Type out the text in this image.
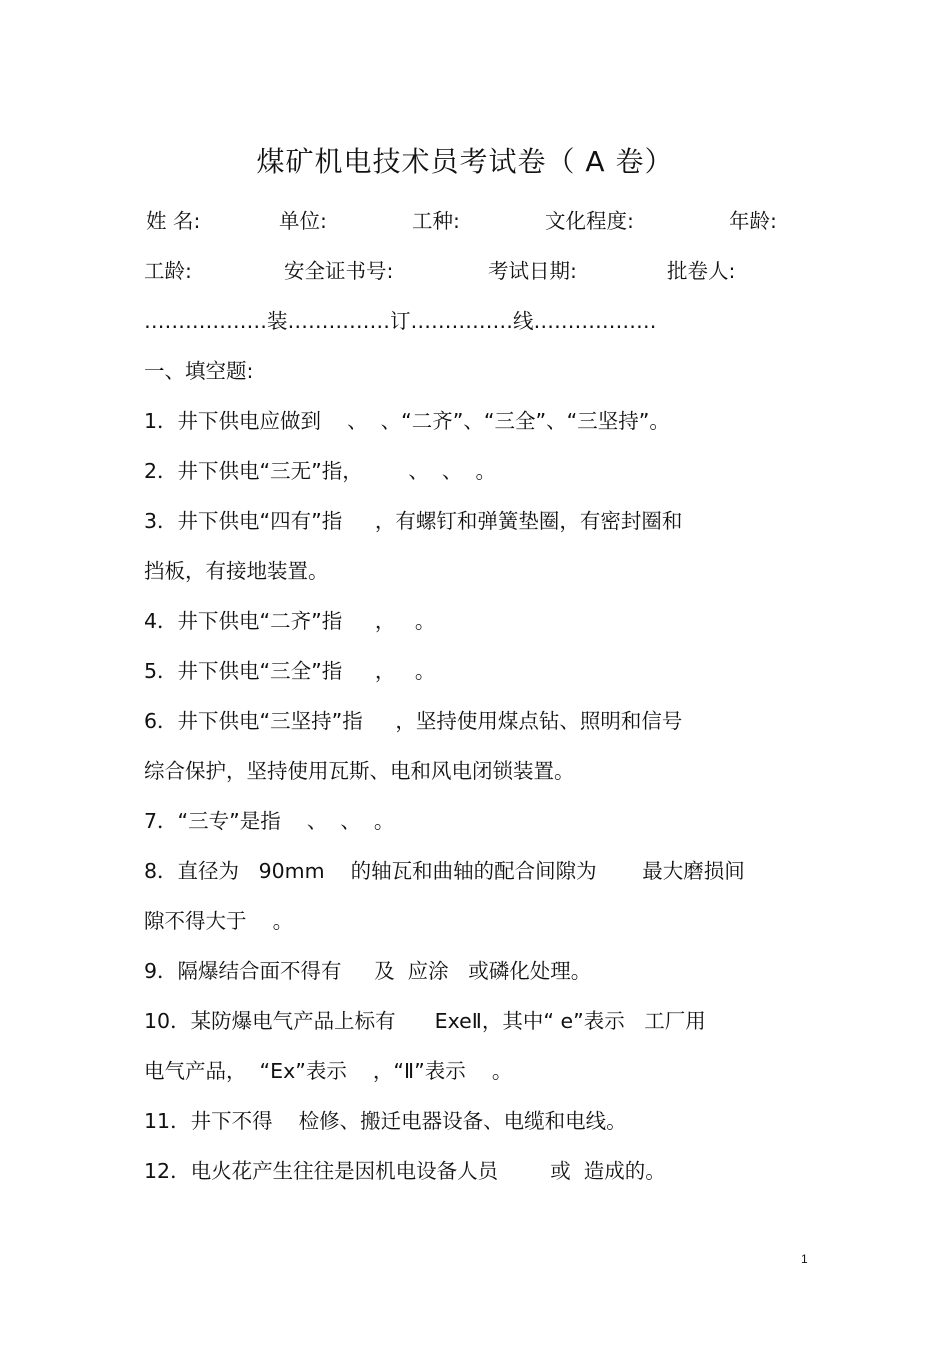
煤矿机电技术员考试卷（ A 卷）
姓 名:	单位:	工种:	文化程度:	年龄:
工龄:	安全证书号:	考试日期:	批卷人:
………………装……………订……………线………………
一、填空题:
1．井下供电应做到    、  、“二齐”、“三全”、“三坚持”。
2．井下供电“三无”指，       、  、  。
3．井下供电“四有”指     ，有螺钉和弹簧垫圈，有密封圈和
挡板，有接地装置。
4．井下供电“二齐”指     ，   。
5．井下供电“三全”指     ，   。
6．井下供电“三坚持”指     ，坚持使用煤点钻、照明和信号
综合保护，坚持使用瓦斯、电和风电闭锁装置。
7．“三专”是指    、  、  。
8．直径为   90mm    的轴瓦和曲轴的配合间隙为       最大磨损间
隙不得大于    。
9．隔爆结合面不得有     及  应涂   或磷化处理。
10．某防爆电气产品上标有      ExeⅡ，其中“ e”表示   工厂用
电气产品，  “Ex”表示    ，“Ⅱ”表示    。
11．井下不得    检修、搬迁电器设备、电缆和电线。
12．电火花产生往往是因机电设备人员        或  造成的。
1
